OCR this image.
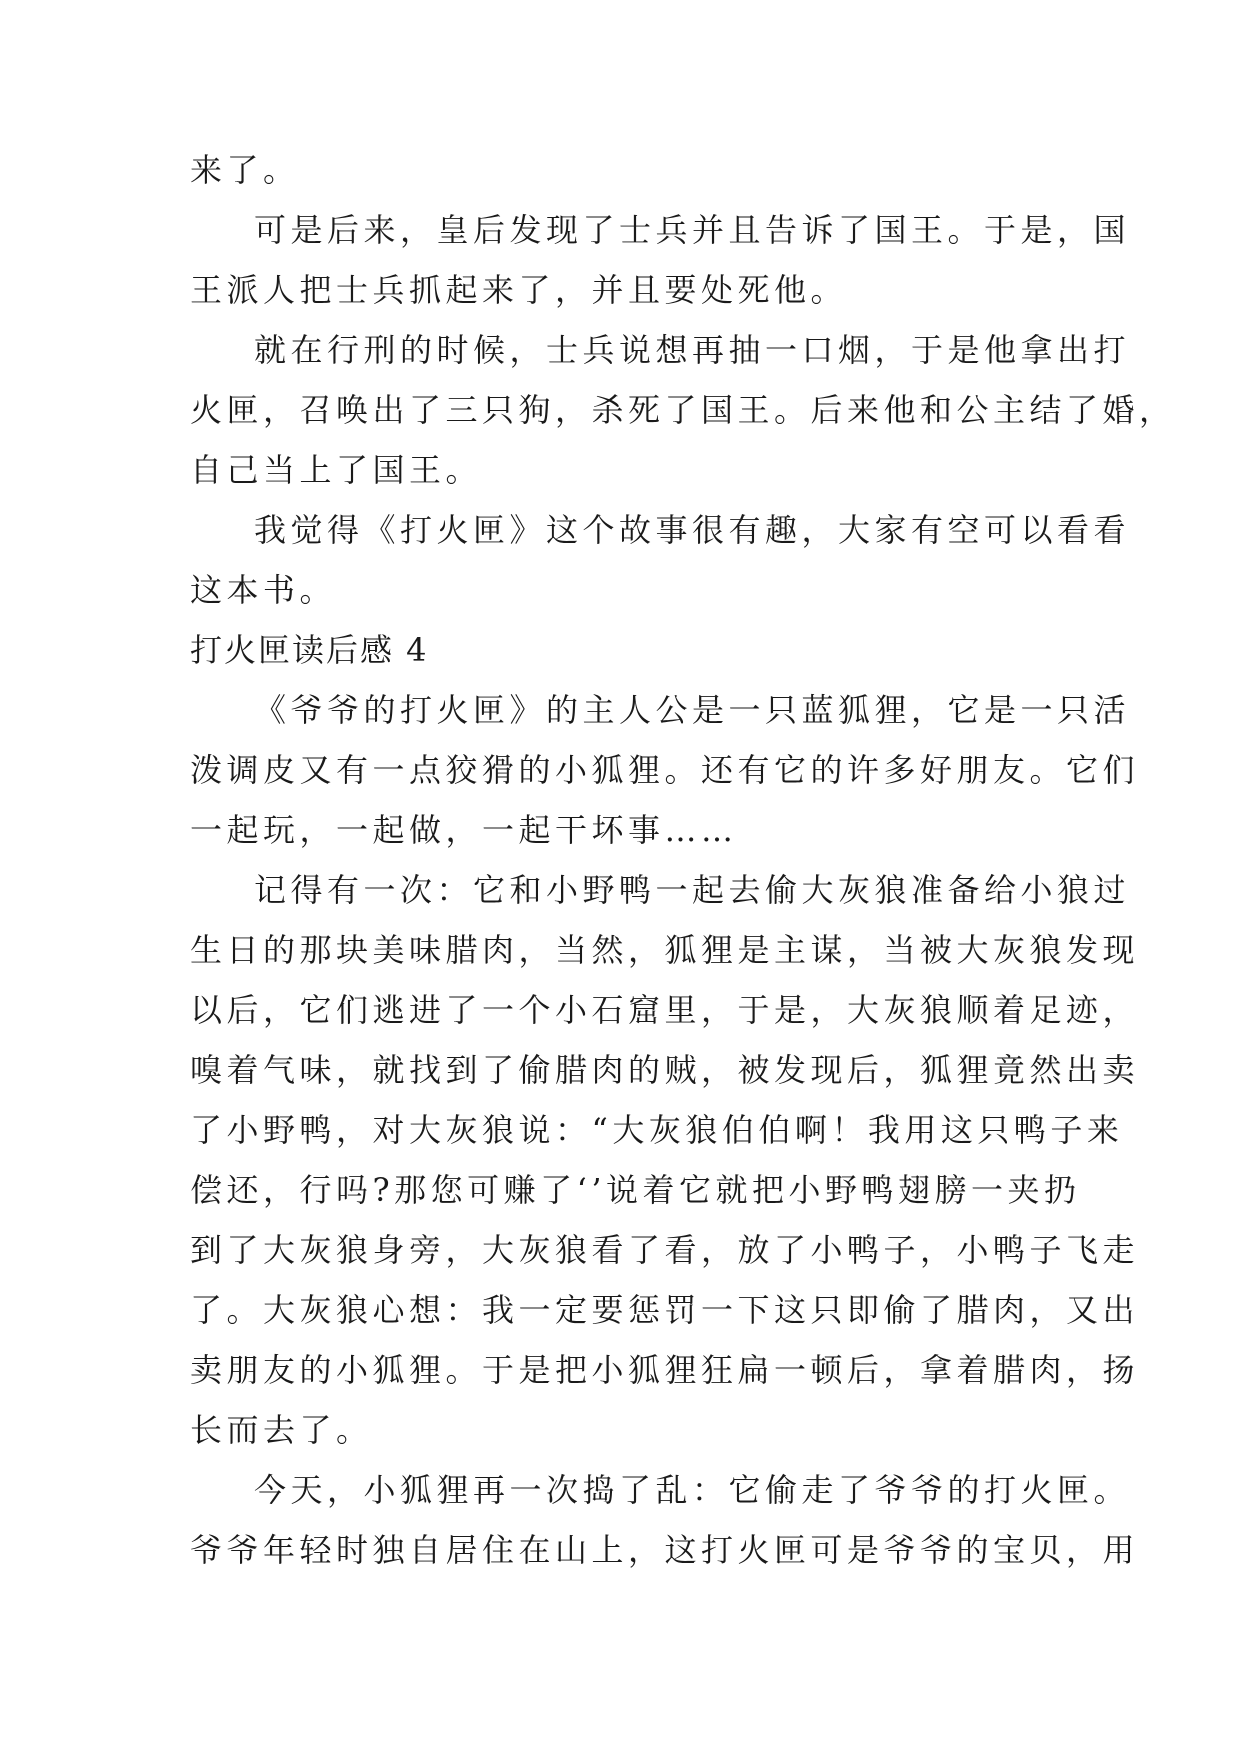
来了。
可是后来，皇后发现了士兵并且告诉了国王。于是，国
王派人把士兵抓起来了，并且要处死他。
就在行刑的时候，士兵说想再抽一口烟，于是他拿出打
火匣，召唤出了三只狗，杀死了国王。后来他和公主结了婚，
自己当上了国王。
我觉得《打火匣》这个故事很有趣，大家有空可以看看
这本书。
打火匣读后感 4
《爷爷的打火匣》的主人公是一只蓝狐狸，它是一只活
泼调皮又有一点狡猾的小狐狸。还有它的许多好朋友。它们
一起玩，一起做，一起干坏事……
记得有一次：它和小野鸭一起去偷大灰狼准备给小狼过
生日的那块美味腊肉，当然，狐狸是主谋，当被大灰狼发现
以后，它们逃进了一个小石窟里，于是，大灰狼顺着足迹，
嗅着气味，就找到了偷腊肉的贼，被发现后，狐狸竟然出卖
了小野鸭，对大灰狼说：“大灰狼伯伯啊！我用这只鸭子来
偿还，行吗?那您可赚了‘’说着它就把小野鸭翅膀一夹扔
到了大灰狼身旁，大灰狼看了看，放了小鸭子，小鸭子飞走
了。大灰狼心想：我一定要惩罚一下这只即偷了腊肉，又出
卖朋友的小狐狸。于是把小狐狸狂扁一顿后，拿着腊肉，扬
长而去了。
今天，小狐狸再一次捣了乱：它偷走了爷爷的打火匣。
爷爷年轻时独自居住在山上，这打火匣可是爷爷的宝贝，用
